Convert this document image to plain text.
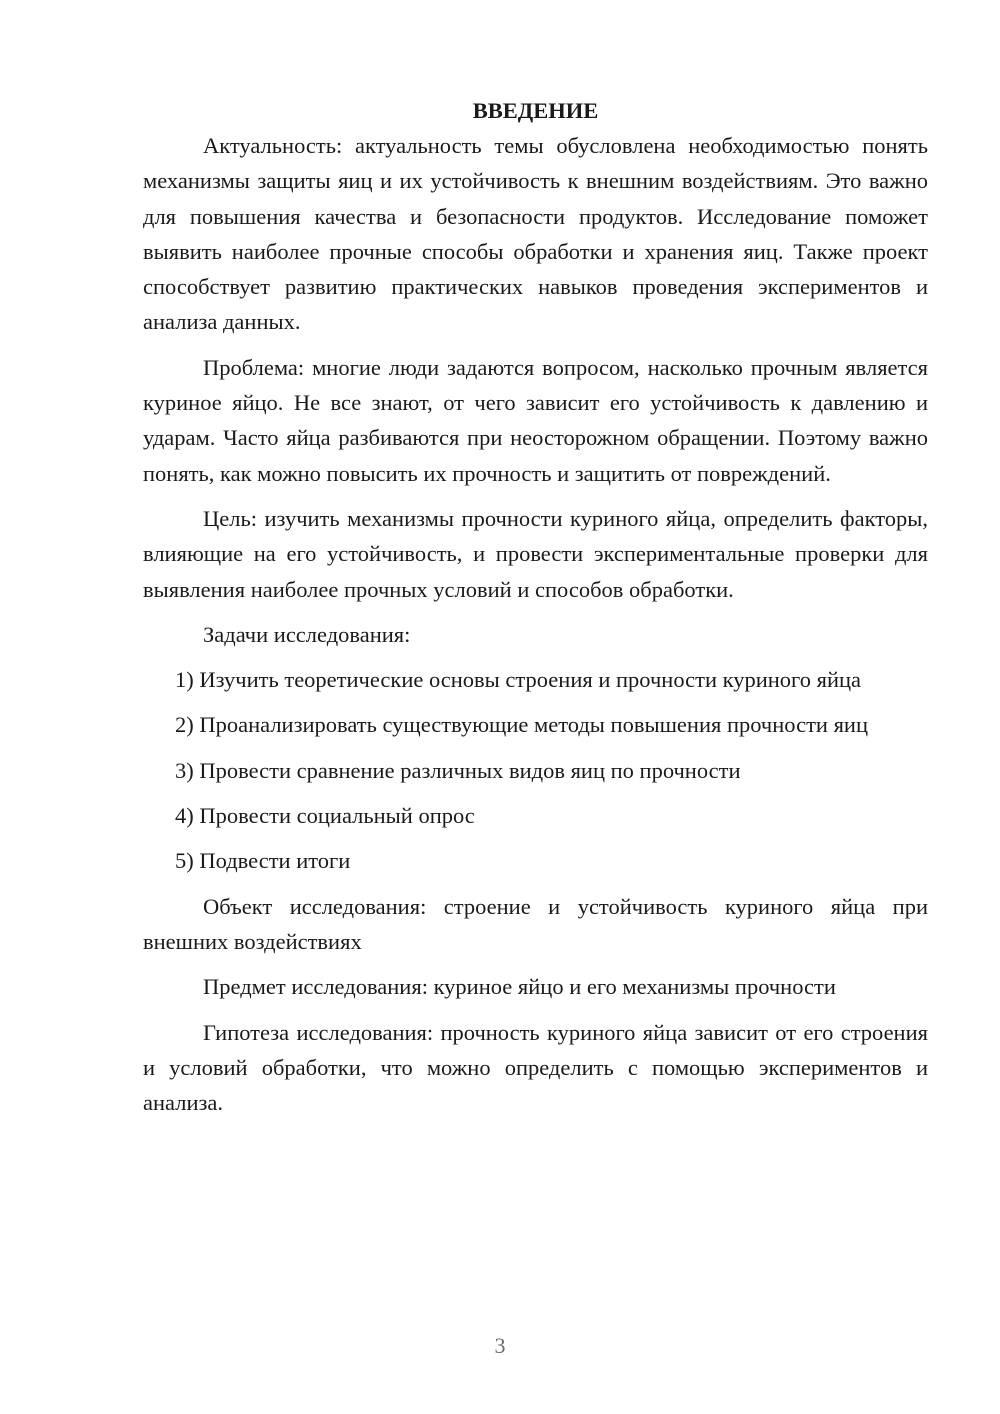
ВВЕДЕНИЕ

Актуальность: актуальность темы обусловлена необходимостью понять механизмы защиты яиц и их устойчивость к внешним воздействиям. Это важно для повышения качества и безопасности продуктов. Исследование поможет выявить наиболее прочные способы обработки и хранения яиц. Также проект способствует развитию практических навыков проведения экспериментов и анализа данных.

Проблема: многие люди задаются вопросом, насколько прочным является куриное яйцо. Не все знают, от чего зависит его устойчивость к давлению и ударам. Часто яйца разбиваются при неосторожном обращении. Поэтому важно понять, как можно повысить их прочность и защитить от повреждений.

Цель: изучить механизмы прочности куриного яйца, определить факторы, влияющие на его устойчивость, и провести экспериментальные проверки для выявления наиболее прочных условий и способов обработки.

Задачи исследования:

1) Изучить теоретические основы строения и прочности куриного яйца

2) Проанализировать существующие методы повышения прочности яиц

3) Провести сравнение различных видов яиц по прочности

4) Провести социальный опрос

5) Подвести итоги

Объект исследования: строение и устойчивость куриного яйца при внешних воздействиях

Предмет исследования: куриное яйцо и его механизмы прочности

Гипотеза исследования: прочность куриного яйца зависит от его строения и условий обработки, что можно определить с помощью экспериментов и анализа.

3
